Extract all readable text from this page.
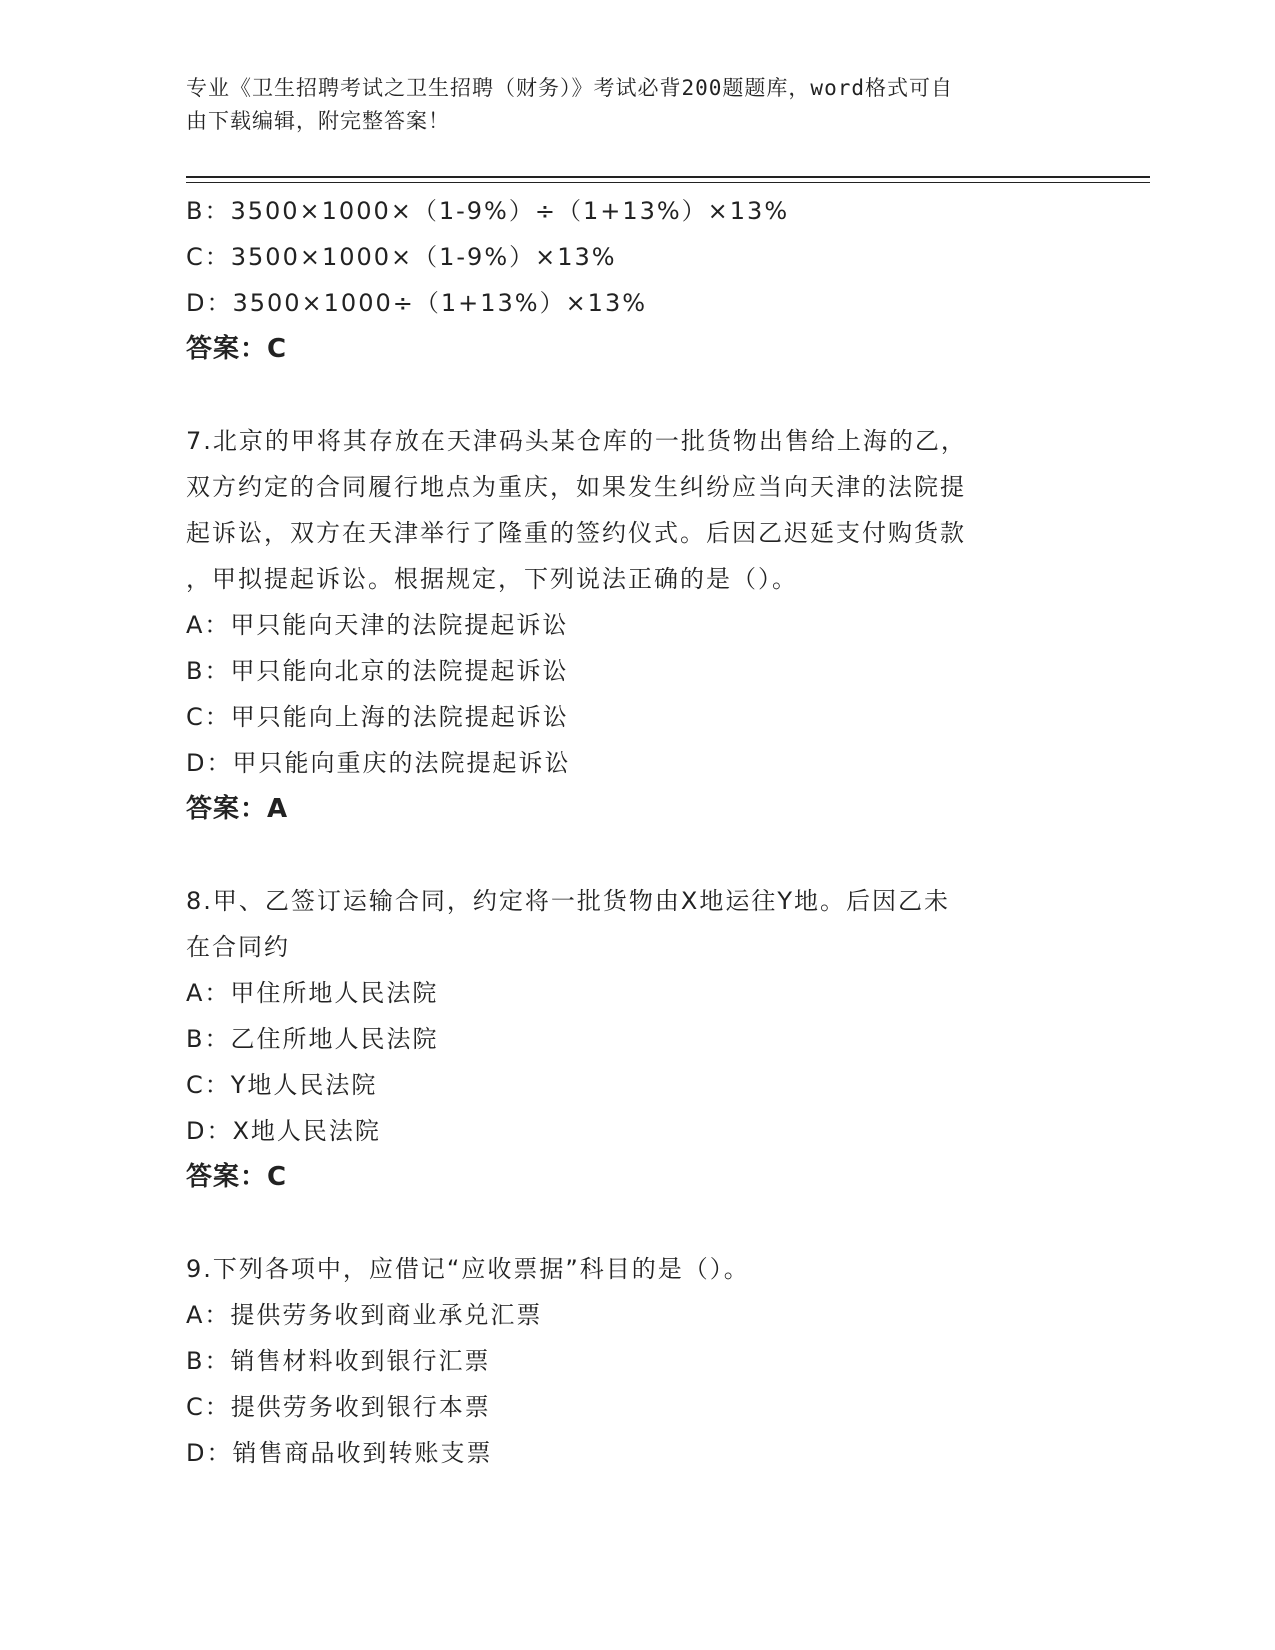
专业《卫生招聘考试之卫生招聘（财务）》考试必背200题题库，word格式可自
由下载编辑，附完整答案！
B：3500×1000×（1-9%）÷（1+13%）×13%
C：3500×1000×（1-9%）×13%
D：3500×1000÷（1+13%）×13%
答案：C
7.北京的甲将其存放在天津码头某仓库的一批货物出售给上海的乙，
双方约定的合同履行地点为重庆，如果发生纠纷应当向天津的法院提
起诉讼，双方在天津举行了隆重的签约仪式。后因乙迟延支付购货款
，甲拟提起诉讼。根据规定，下列说法正确的是（）。
A：甲只能向天津的法院提起诉讼
B：甲只能向北京的法院提起诉讼
C：甲只能向上海的法院提起诉讼
D：甲只能向重庆的法院提起诉讼
答案：A
8.甲、乙签订运输合同，约定将一批货物由X地运往Y地。后因乙未
在合同约
A：甲住所地人民法院
B：乙住所地人民法院
C：Y地人民法院
D：X地人民法院
答案：C
9.下列各项中，应借记“应收票据”科目的是（）。
A：提供劳务收到商业承兑汇票
B：销售材料收到银行汇票
C：提供劳务收到银行本票
D：销售商品收到转账支票
